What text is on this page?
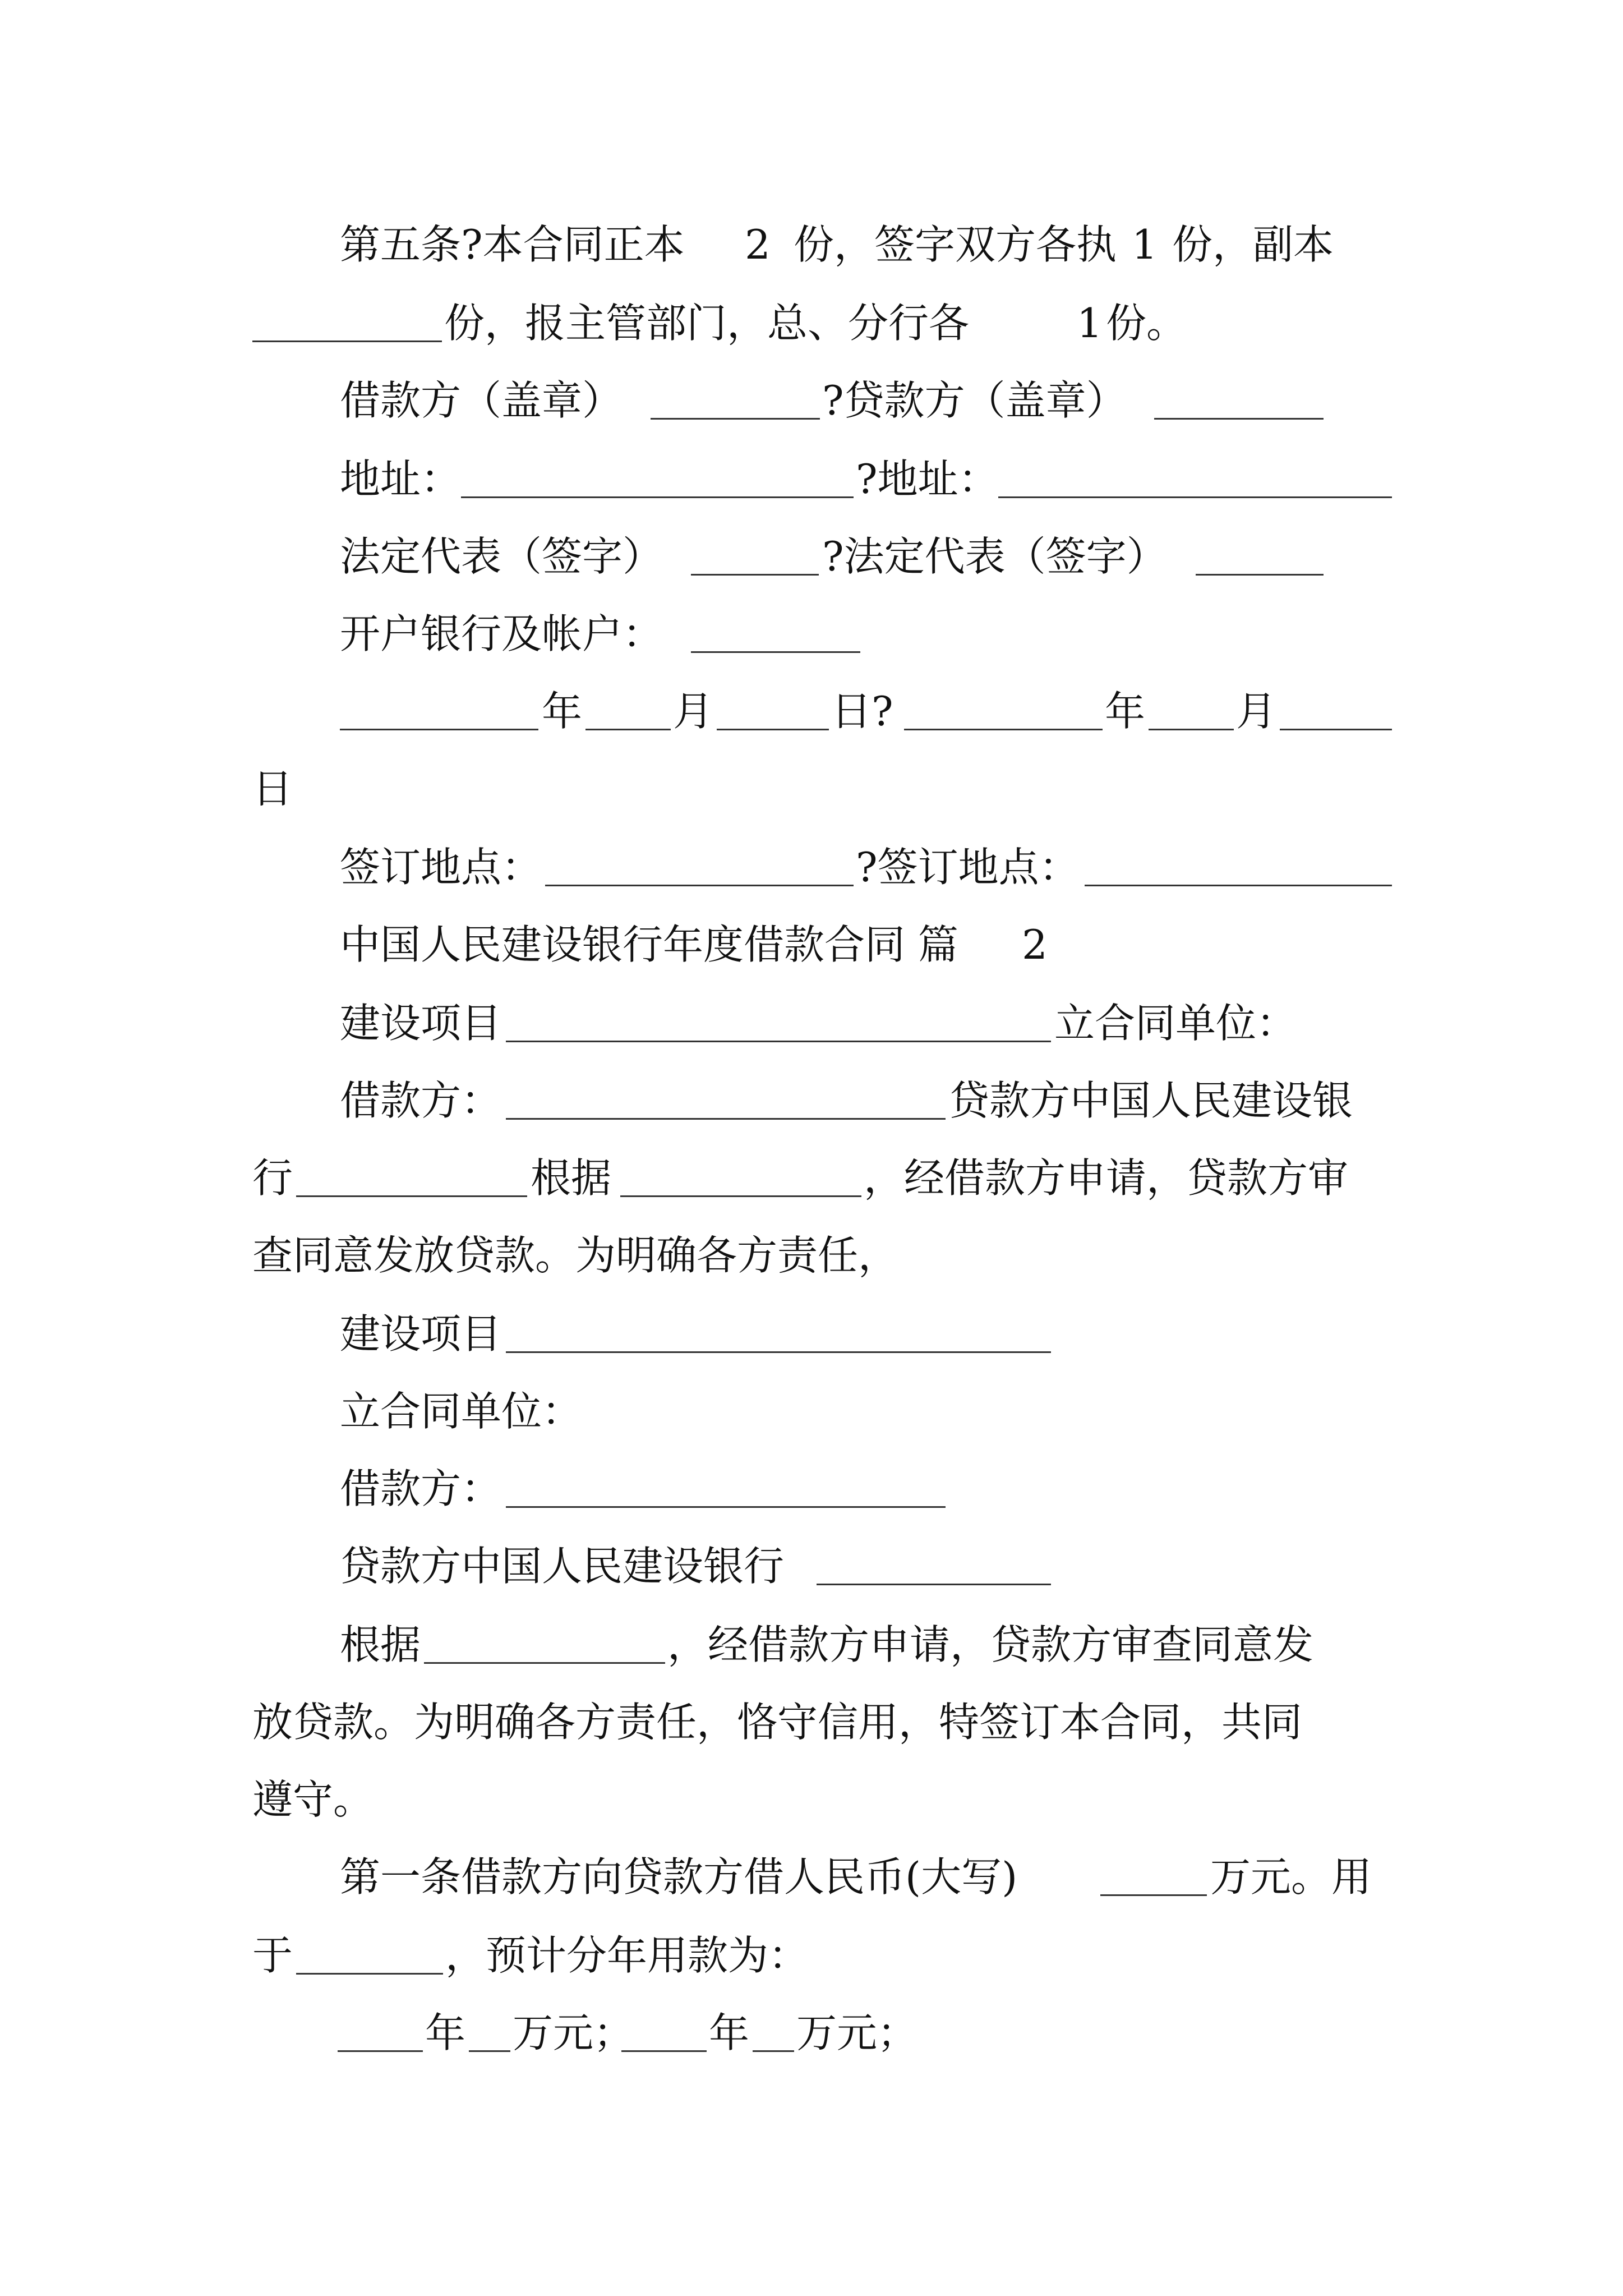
第五条?本合同正本 2 份，签字双方各执 1 份，副本
份，报主管部门，总、分行各	1 份。
借款方（盖章）	?贷款方（盖章）
地址：	?地址：
法定代表（签字）	?法定代表（签字）
开户银行及帐户：
年 月	日?	年 月
日
签订地点：	?签订地点：
中国人民建设银行年度借款合同 篇 2
建设项目	立合同单位：
借款方：	贷款方中国人民建设银
行	根据	，经借款方申请，贷款方审
查同意发放贷款。为明确各方责任，
建设项目
立合同单位：
借款方：
贷款方中国人民建设银行
根据	，经借款方申请，贷款方审查同意发
放贷款。为明确各方责任，恪守信用，特签订本合同，共同
遵守。
第一条借款方向贷款方借人民币(大写)	万元。用
于	，预计分年用款为：
年 万元； 年 万元；
